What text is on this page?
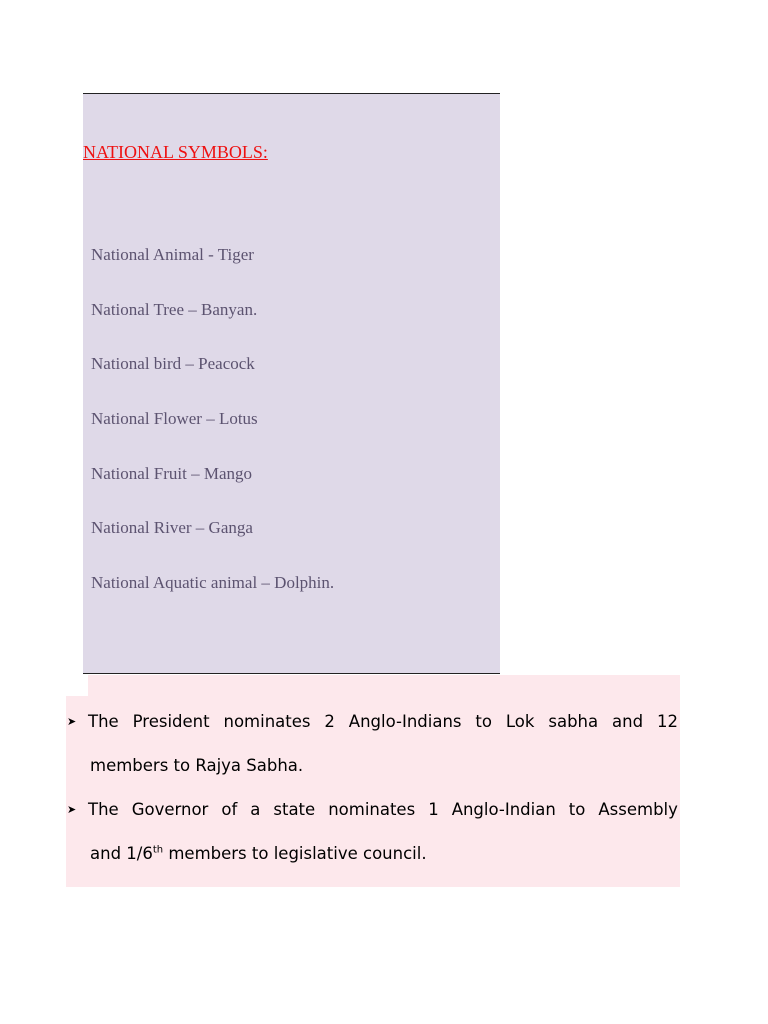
NATIONAL SYMBOLS:
National Animal - Tiger
National Tree – Banyan.
National bird – Peacock
National Flower – Lotus
National Fruit – Mango
National River – Ganga
National Aquatic animal – Dolphin.
➤ The President nominates 2 Anglo-Indians to Lok sabha and 12
members to Rajya Sabha.
➤ The Governor of a state nominates 1 Anglo-Indian to Assembly
and 1/6th members to legislative council.
